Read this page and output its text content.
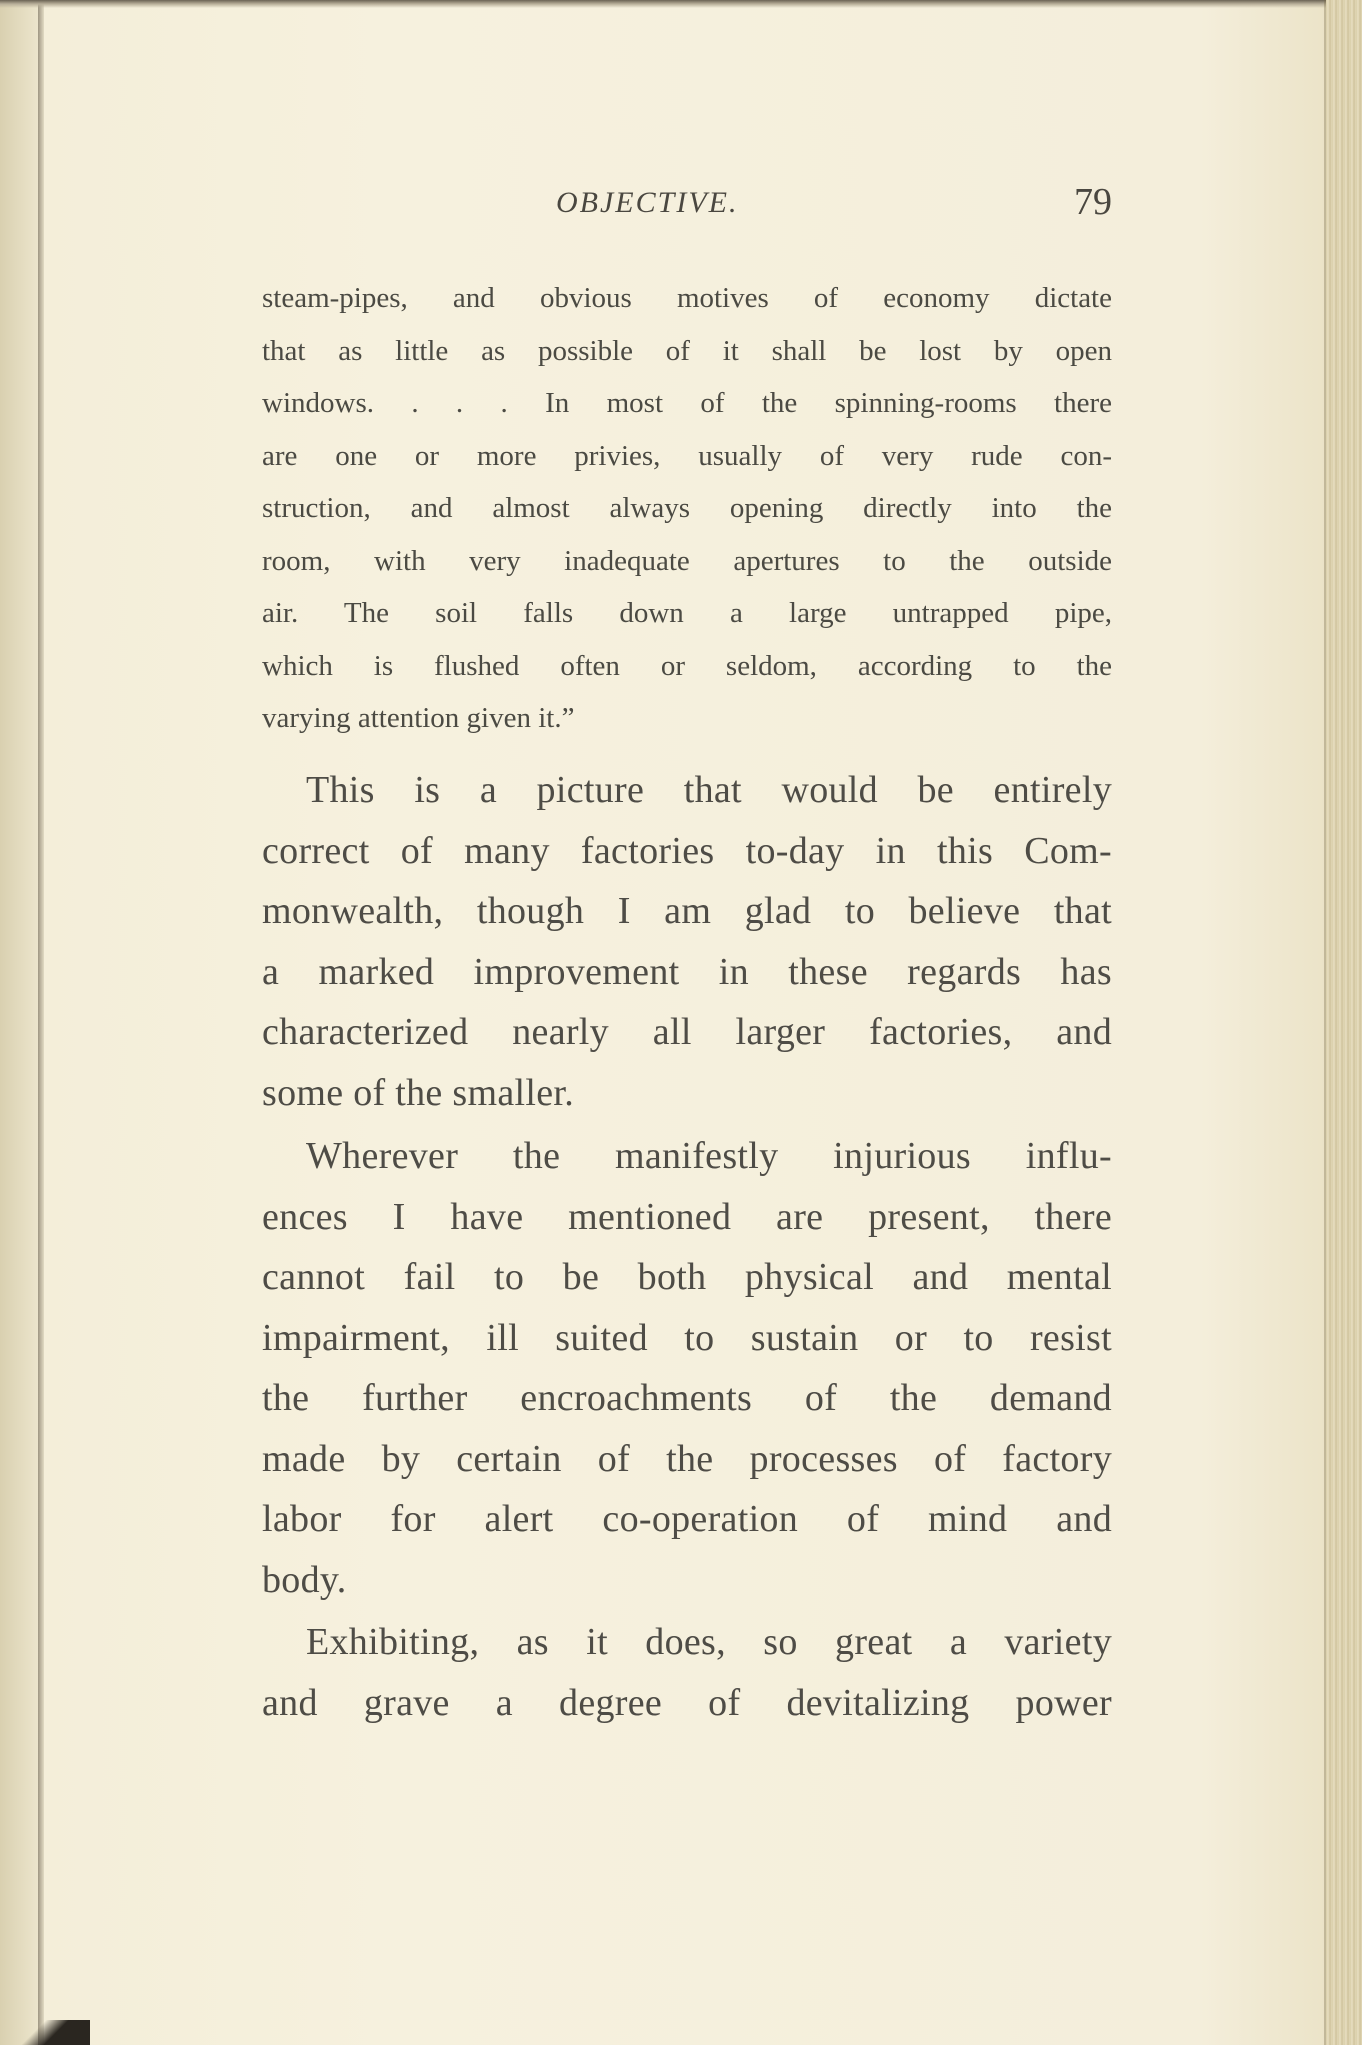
OBJECTIVE.	79
steam-pipes, and obvious motives of economy dictate
that as little as possible of it shall be lost by open
windows. . . . In most of the spinning-rooms there
are one or more privies, usually of very rude con-
struction, and almost always opening directly into the
room, with very inadequate apertures to the outside
air. The soil falls down a large untrapped pipe,
which is flushed often or seldom, according to the
varying attention given it.”
This is a picture that would be entirely
correct of many factories to-day in this Com-
monwealth, though I am glad to believe that
a marked improvement in these regards has
characterized nearly all larger factories, and
some of the smaller.
Wherever the manifestly injurious influ-
ences I have mentioned are present, there
cannot fail to be both physical and mental
impairment, ill suited to sustain or to resist
the further encroachments of the demand
made by certain of the processes of factory
labor for alert co-operation of mind and
body.
Exhibiting, as it does, so great a variety
and grave a degree of devitalizing power
